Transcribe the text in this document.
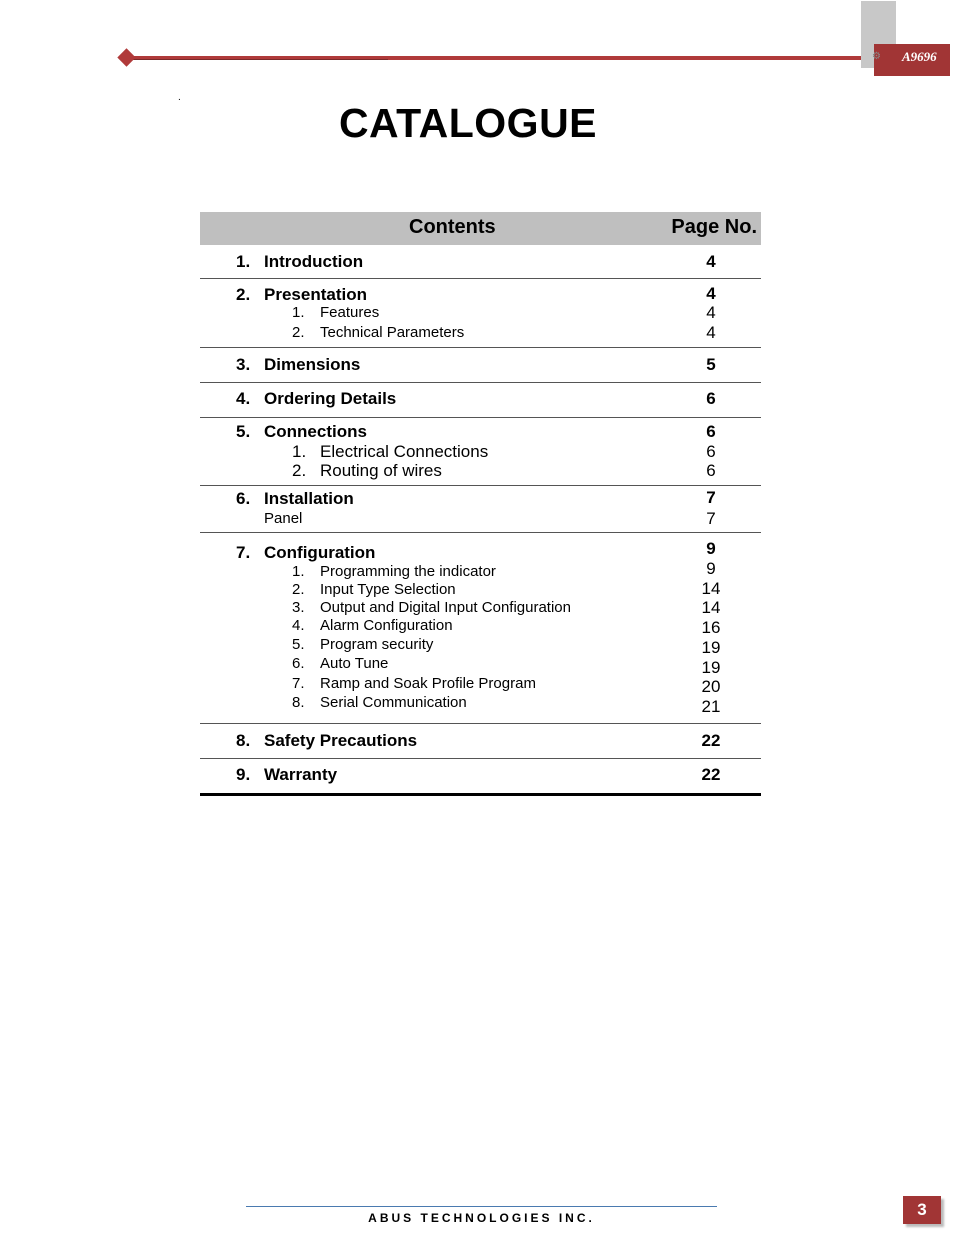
⚙ A9696
.
CATALOGUE
Contents	Page No.
1. Introduction	4
2. Presentation	4
1. Features	4
2. Technical Parameters	4
3. Dimensions	5
4. Ordering Details	6
5. Connections	6
1. Electrical Connections	6
2. Routing of wires	6
6. Installation	7
Panel	7
7. Configuration	9
1. Programming the indicator	9
2. Input Type Selection	14
3. Output and Digital Input Configuration	14
4. Alarm Configuration	16
5. Program security	19
6. Auto Tune	19
7. Ramp and Soak Profile Program	20
8. Serial Communication	21
8. Safety Precautions	22
9. Warranty	22
ABUS TECHNOLOGIES INC.	3
